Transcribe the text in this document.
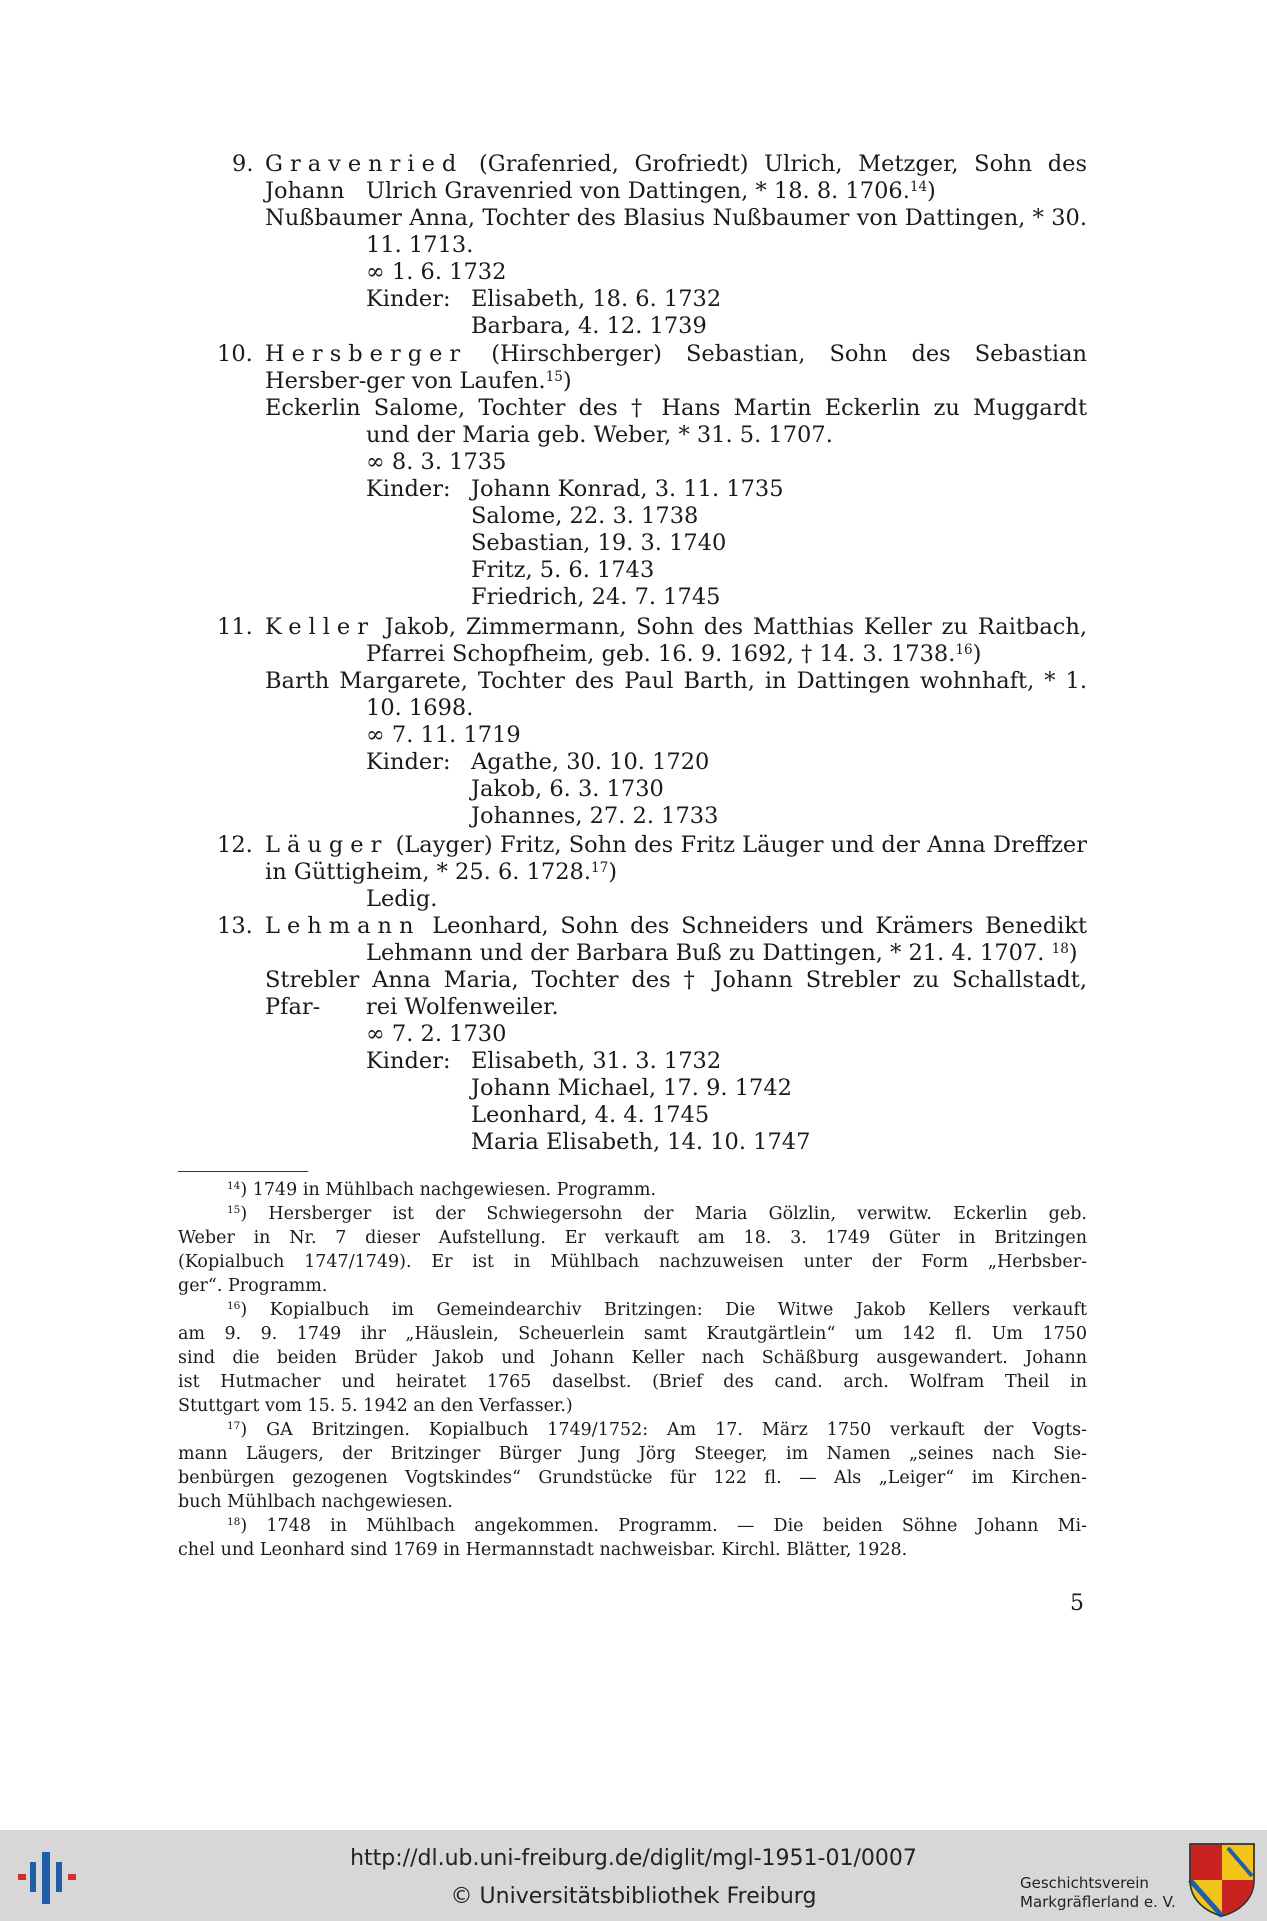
9. Gravenried (Grafenried, Grofriedt) Ulrich, Metzger, Sohn des Johann Ulrich Gravenried von Dattingen, * 18. 8. 1706.14)
Nußbaumer Anna, Tochter des Blasius Nußbaumer von Dattingen, * 30.
11. 1713.
∞ 1. 6. 1732
Kinder: Elisabeth, 18. 6. 1732
Barbara, 4. 12. 1739
10. Hersberger (Hirschberger) Sebastian, Sohn des Sebastian Hersber- ger von Laufen.$^{15}$)
Eckerlin Salome, Tochter des † Hans Martin Eckerlin zu Muggardt
und der Maria geb. Weber, * 31. 5. 1707.
∞ 8. 3. 1735
Kinder: Johann Konrad, 3. 11. 1735
Salome, 22. 3. 1738
Sebastian, 19. 3. 1740
Fritz, 5. 6. 1743
Friedrich, 24. 7. 1745
11. Keller Jakob, Zimmermann, Sohn des Matthias Keller zu Raitbach,
Pfarrei Schopfheim, geb. 16. 9. 1692, † 14. 3. 1738.16)
Barth Margarete, Tochter des Paul Barth, in Dattingen wohnhaft, * 1.
10. 1698.
∞ 7. 11. 1719
Kinder: Agathe, 30. 10. 1720
Jakob, 6. 3. 1730
Johannes, 27. 2. 1733
12. Läuger (Layger) Fritz, Sohn des Fritz Läuger und der Anna Dreffzer
in Güttigheim, * 25. 6. 1728.17)
Ledig.
13. Lehmann Leonhard, Sohn des Schneiders und Krämers Benedikt
Lehmann und der Barbara Buß zu Dattingen, * 21. 4. 1707. $^{18}$)
Strebler Anna Maria, Tochter des † Johann Strebler zu Schallstadt, Pfar-	rei Wolfenweiler.
∞ 7. 2. 1730
Kinder: Elisabeth, 31. 3. 1732
Johann Michael, 17. 9. 1742
Leonhard, 4. 4. 1745
Maria Elisabeth, 14. 10. 1747
$^{14}$) 1749 in Mühlbach nachgewiesen. Programm.
$^{15}$) Hersberger ist der Schwiegersohn der Maria Gölzlin, verwitw. Eckerlin geb.
Weber in Nr. 7 dieser Aufstellung. Er verkauft am 18. 3. 1749 Güter in Britzingen
(Kopialbuch 1747/1749). Er ist in Mühlbach nachzuweisen unter der Form „Herbsber-
ger“. Programm.
$^{16}$) Kopialbuch im Gemeindearchiv Britzingen: Die Witwe Jakob Kellers verkauft
am 9. 9. 1749 ihr „Häuslein, Scheuerlein samt Krautgärtlein“ um 142 fl. Um 1750
sind die beiden Brüder Jakob und Johann Keller nach Schäßburg ausgewandert. Johann
ist Hutmacher und heiratet 1765 daselbst. (Brief des cand. arch. Wolfram Theil in
Stuttgart vom 15. 5. 1942 an den Verfasser.)
$^{17}$) GA Britzingen. Kopialbuch 1749/1752: Am 17. März 1750 verkauft der Vogts-
mann Läugers, der Britzinger Bürger Jung Jörg Steeger, im Namen „seines nach Sie-
benbürgen gezogenen Vogtskindes“ Grundstücke für 122 fl. — Als „Leiger“ im Kirchen-
buch Mühlbach nachgewiesen.
$^{18}$) 1748 in Mühlbach angekommen. Programm. — Die beiden Söhne Johann Mi-
chel und Leonhard sind 1769 in Hermannstadt nachweisbar. Kirchl. Blätter, 1928.
5
http://dl.ub.uni-freiburg.de/diglit/mgl-1951-01/0007
© Universitätsbibliothek Freiburg
Geschichtsverein
Markgräflerland e. V.
